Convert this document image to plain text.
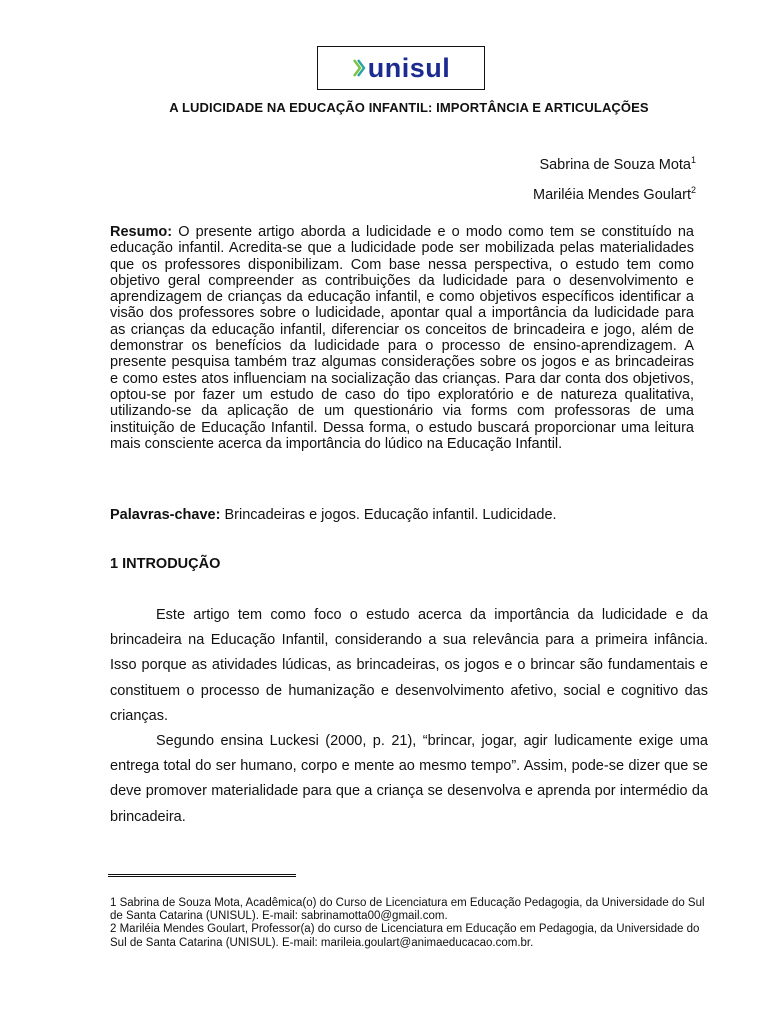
unisul
A LUDICIDADE NA EDUCAÇÃO INFANTIL: IMPORTÂNCIA E ARTICULAÇÕES
Sabrina de Souza Mota$^1$
Mariléia Mendes Goulart$^2$
Resumo: O presente artigo aborda a ludicidade e o modo como tem se constituído na educação infantil. Acredita-se que a ludicidade pode ser mobilizada pelas materialidades que os professores disponibilizam. Com base nessa perspectiva, o estudo tem como objetivo geral compreender as contribuições da ludicidade para o desenvolvimento e aprendizagem de crianças da educação infantil, e como objetivos específicos identificar a visão dos professores sobre o ludicidade, apontar qual a importância da ludicidade para as crianças da educação infantil, diferenciar os conceitos de brincadeira e jogo, além de demonstrar os benefícios da ludicidade para o processo de ensino-aprendizagem. A presente pesquisa também traz algumas considerações sobre os jogos e as brincadeiras e como estes atos influenciam na socialização das crianças. Para dar conta dos objetivos, optou-se por fazer um estudo de caso do tipo exploratório e de natureza qualitativa, utilizando-se da aplicação de um questionário via forms com professoras de uma instituição de Educação Infantil. Dessa forma, o estudo buscará proporcionar uma leitura mais consciente acerca da importância do lúdico na Educação Infantil.
Palavras-chave: Brincadeiras e jogos. Educação infantil. Ludicidade.
1 INTRODUÇÃO

Este artigo tem como foco o estudo acerca da importância da ludicidade e da brincadeira na Educação Infantil, considerando a sua relevância para a primeira infância. Isso porque as atividades lúdicas, as brincadeiras, os jogos e o brincar são fundamentais e constituem o processo de humanização e desenvolvimento afetivo, social e cognitivo das crianças.

Segundo ensina Luckesi (2000, p. 21), “brincar, jogar, agir ludicamente exige uma entrega total do ser humano, corpo e mente ao mesmo tempo”. Assim, pode-se dizer que se deve promover materialidade para que a criança se desenvolva e aprenda por intermédio da brincadeira.

1 Sabrina de Souza Mota, Acadêmica(o) do Curso de Licenciatura em Educação Pedagogia, da Universidade do Sul de Santa Catarina (UNISUL). E-mail: sabrinamotta00@gmail.com.

2 Mariléia Mendes Goulart, Professor(a) do curso de Licenciatura em Educação em Pedagogia, da Universidade do Sul de Santa Catarina (UNISUL). E-mail: marileia.goulart@animaeducacao.com.br.
